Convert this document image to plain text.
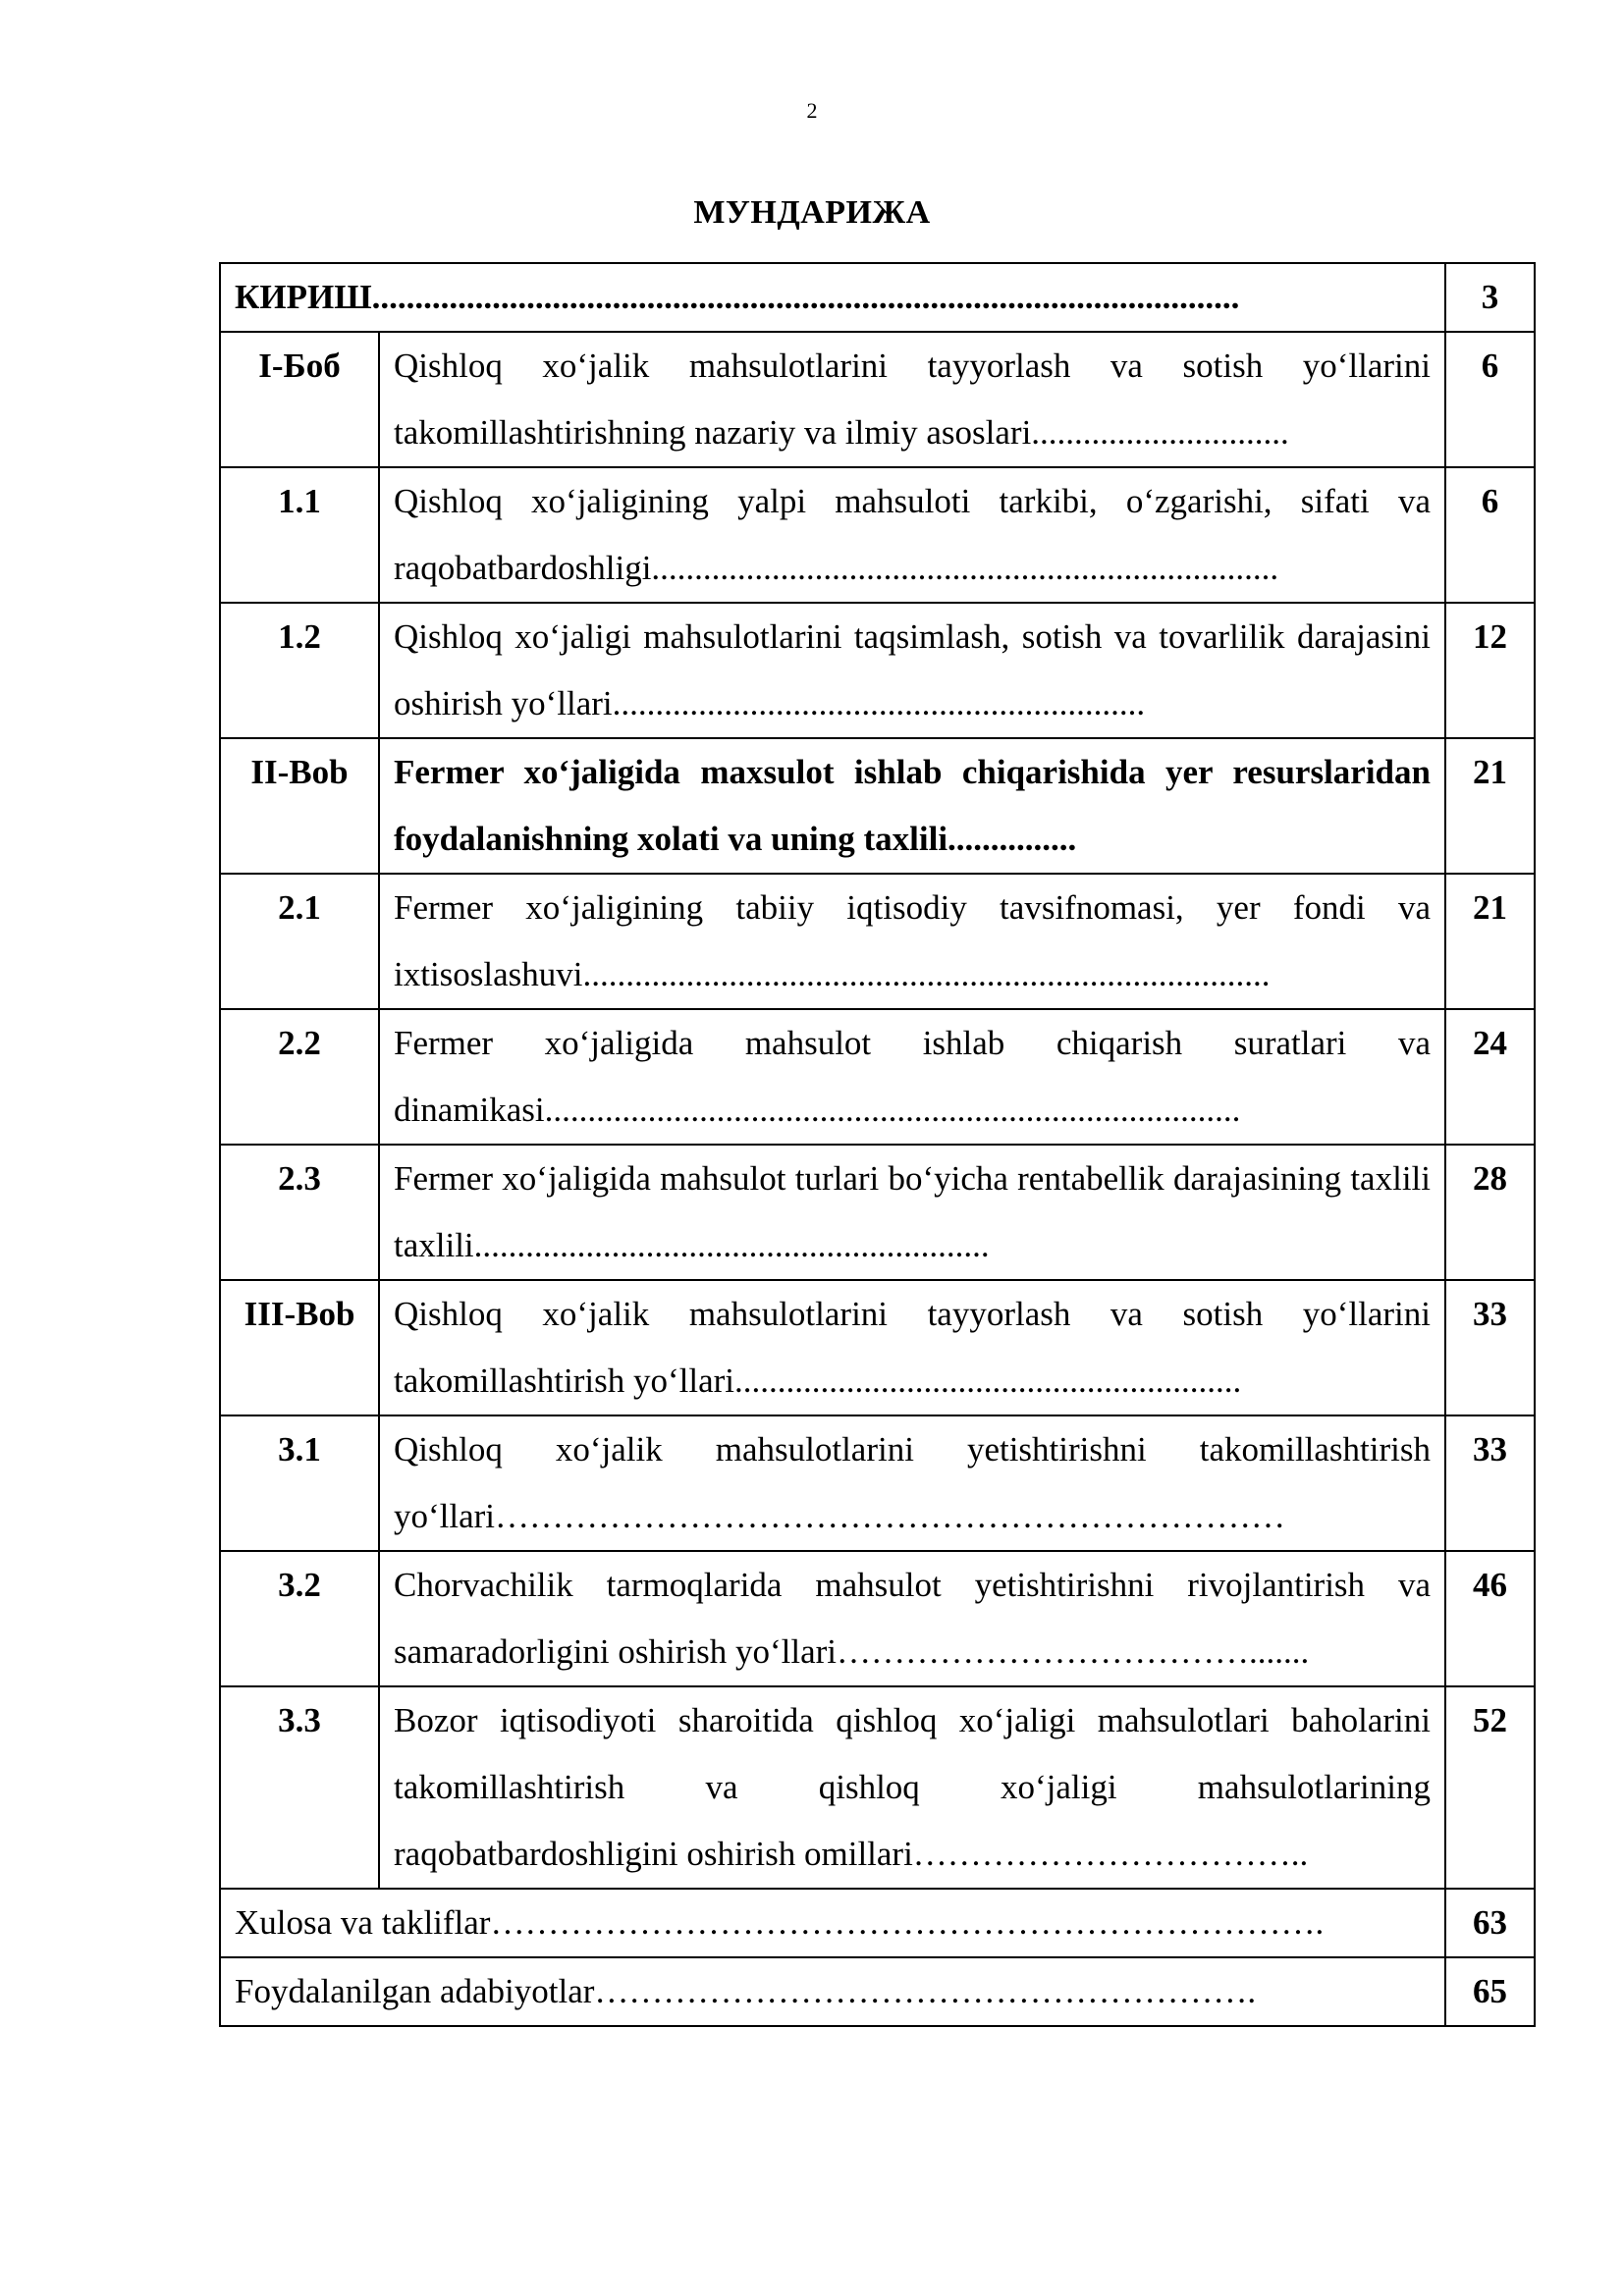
2
МУНДАРИЖА
КИРИШ.....................................................................................................		3
I-Боб	Qishloq xo‘jalik mahsulotlarini tayyorlash va sotish yo‘llarini takomillashtirishning nazariy va ilmiy asoslari..............................	6
1.1	Qishloq xo‘jaligining yalpi mahsuloti tarkibi, o‘zgarishi, sifati va raqobatbardoshligi.........................................................................	6
1.2	Qishloq xo‘jaligi mahsulotlarini taqsimlash, sotish va tovarlilik darajasini oshirish yo‘llari..............................................................	12
II-Bob	Fermer xo‘jaligida maxsulot ishlab chiqarishida yer resurslaridan foydalanishning xolati va uning taxlili...............	21
2.1	Fermer xo‘jaligining tabiiy iqtisodiy tavsifnomasi, yer fondi va ixtisoslashuvi................................................................................	21
2.2	Fermer xo‘jaligida mahsulot ishlab chiqarish suratlari va dinamikasi.................................................................................	24
2.3	Fermer xo‘jaligida mahsulot turlari bo‘yicha rentabellik darajasining taxlili taxlili............................................................	28
III-Bob	Qishloq xo‘jalik mahsulotlarini tayyorlash va sotish yo‘llarini takomillashtirish yo‘llari...........................................................	33
3.1	Qishloq xo‘jalik mahsulotlarini yetishtirishni takomillashtirish yo‘llari……………………………………………………………	33
3.2	Chorvachilik tarmoqlarida mahsulot yetishtirishni rivojlantirish va samaradorligini oshirish yo‘llari……………………………….......	46
3.3	Bozor iqtisodiyoti sharoitida qishloq xo‘jaligi mahsulotlari baholarini takomillashtirish va qishloq xo‘jaligi mahsulotlarining raqobatbardoshligini oshirish omillari……………………………..	52
Xulosa va takliflar……………………………………………………………….		63
Foydalanilgan adabiyotlar………………………………………………….		65
